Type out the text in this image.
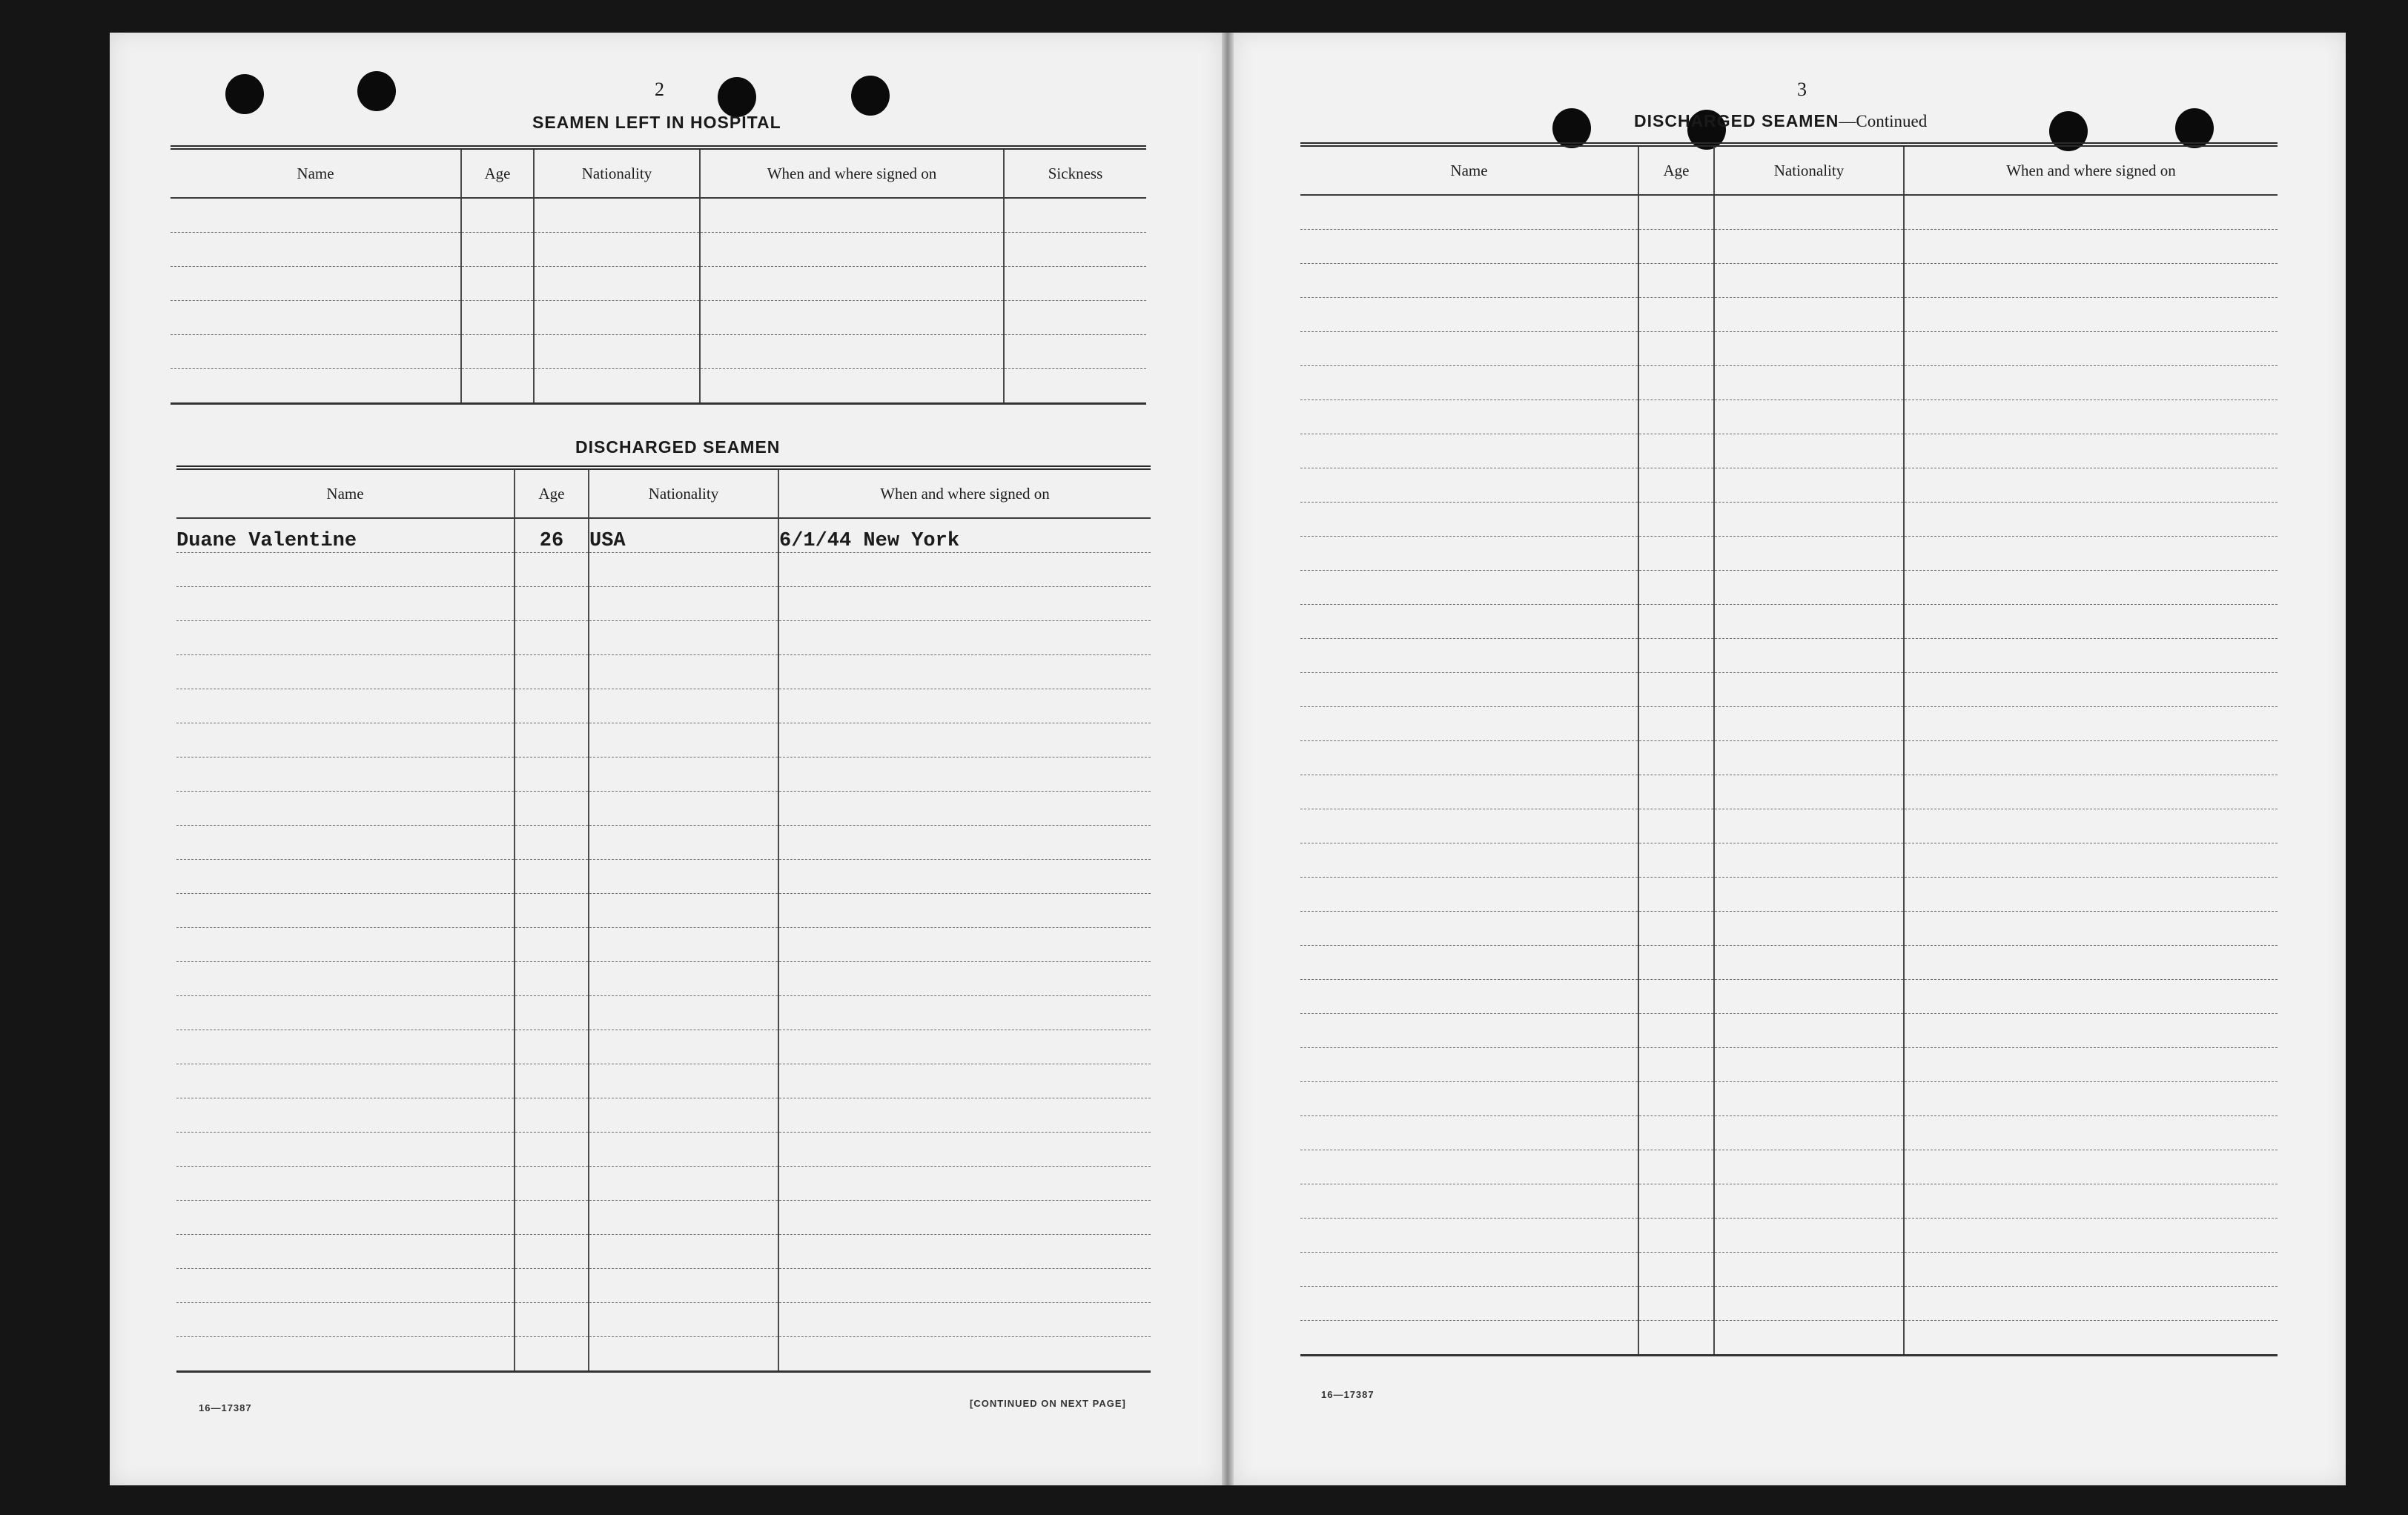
2
SEAMEN LEFT IN HOSPITAL
Name	Age	Nationality	When and where signed on	Sickness

DISCHARGED SEAMEN
Name	Age	Nationality	When and where signed on
Duane Valentine	26	USA	6/1/44 New York

16—17387	[CONTINUED ON NEXT PAGE]
3
DISCHARGED SEAMEN—Continued
Name	Age	Nationality	When and where signed on

16—17387
